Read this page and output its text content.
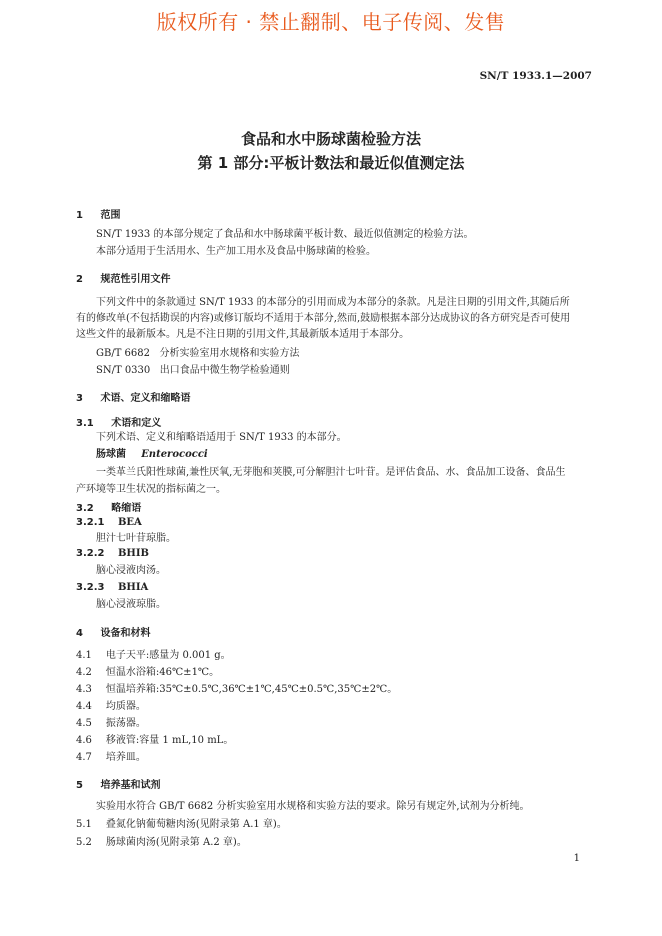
版权所有 · 禁止翻制、电子传阅、发售
SN/T 1933.1—2007
食品和水中肠球菌检验方法
第 1 部分:平板计数法和最近似值测定法
1 范围
SN/T 1933 的本部分规定了食品和水中肠球菌平板计数、最近似值测定的检验方法。
本部分适用于生活用水、生产加工用水及食品中肠球菌的检验。
2 规范性引用文件
下列文件中的条款通过 SN/T 1933 的本部分的引用而成为本部分的条款。凡是注日期的引用文件,其随后所有的修改单(不包括勘误的内容)或修订版均不适用于本部分,然而,鼓励根据本部分达成协议的各方研究是否可使用这些文件的最新版本。凡是不注日期的引用文件,其最新版本适用于本部分。
GB/T 6682   分析实验室用水规格和实验方法
SN/T 0330   出口食品中微生物学检验通则
3 术语、定义和缩略语
3.1 术语和定义
下列术语、定义和缩略语适用于 SN/T 1933 的本部分。
肠球菌 Enterococci
一类革兰氏阳性球菌,兼性厌氧,无芽胞和荚膜,可分解胆汁七叶苷。是评估食品、水、食品加工设备、食品生产环境等卫生状况的指标菌之一。
3.2 略缩语
3.2.1 BEA
胆汁七叶苷琼脂。
3.2.2 BHIB
脑心浸液肉汤。
3.2.3 BHIA
脑心浸液琼脂。
4 设备和材料
4.1 电子天平:感量为 0.001 g。
4.2 恒温水浴箱:46℃±1℃。
4.3 恒温培养箱:35℃±0.5℃,36℃±1℃,45℃±0.5℃,35℃±2℃。
4.4 均质器。
4.5 振荡器。
4.6 移液管:容量 1 mL,10 mL。
4.7 培养皿。
5 培养基和试剂
实验用水符合 GB/T 6682 分析实验室用水规格和实验方法的要求。除另有规定外,试剂为分析纯。
5.1 叠氮化钠葡萄糖肉汤(见附录第 A.1 章)。
5.2 肠球菌肉汤(见附录第 A.2 章)。
1
